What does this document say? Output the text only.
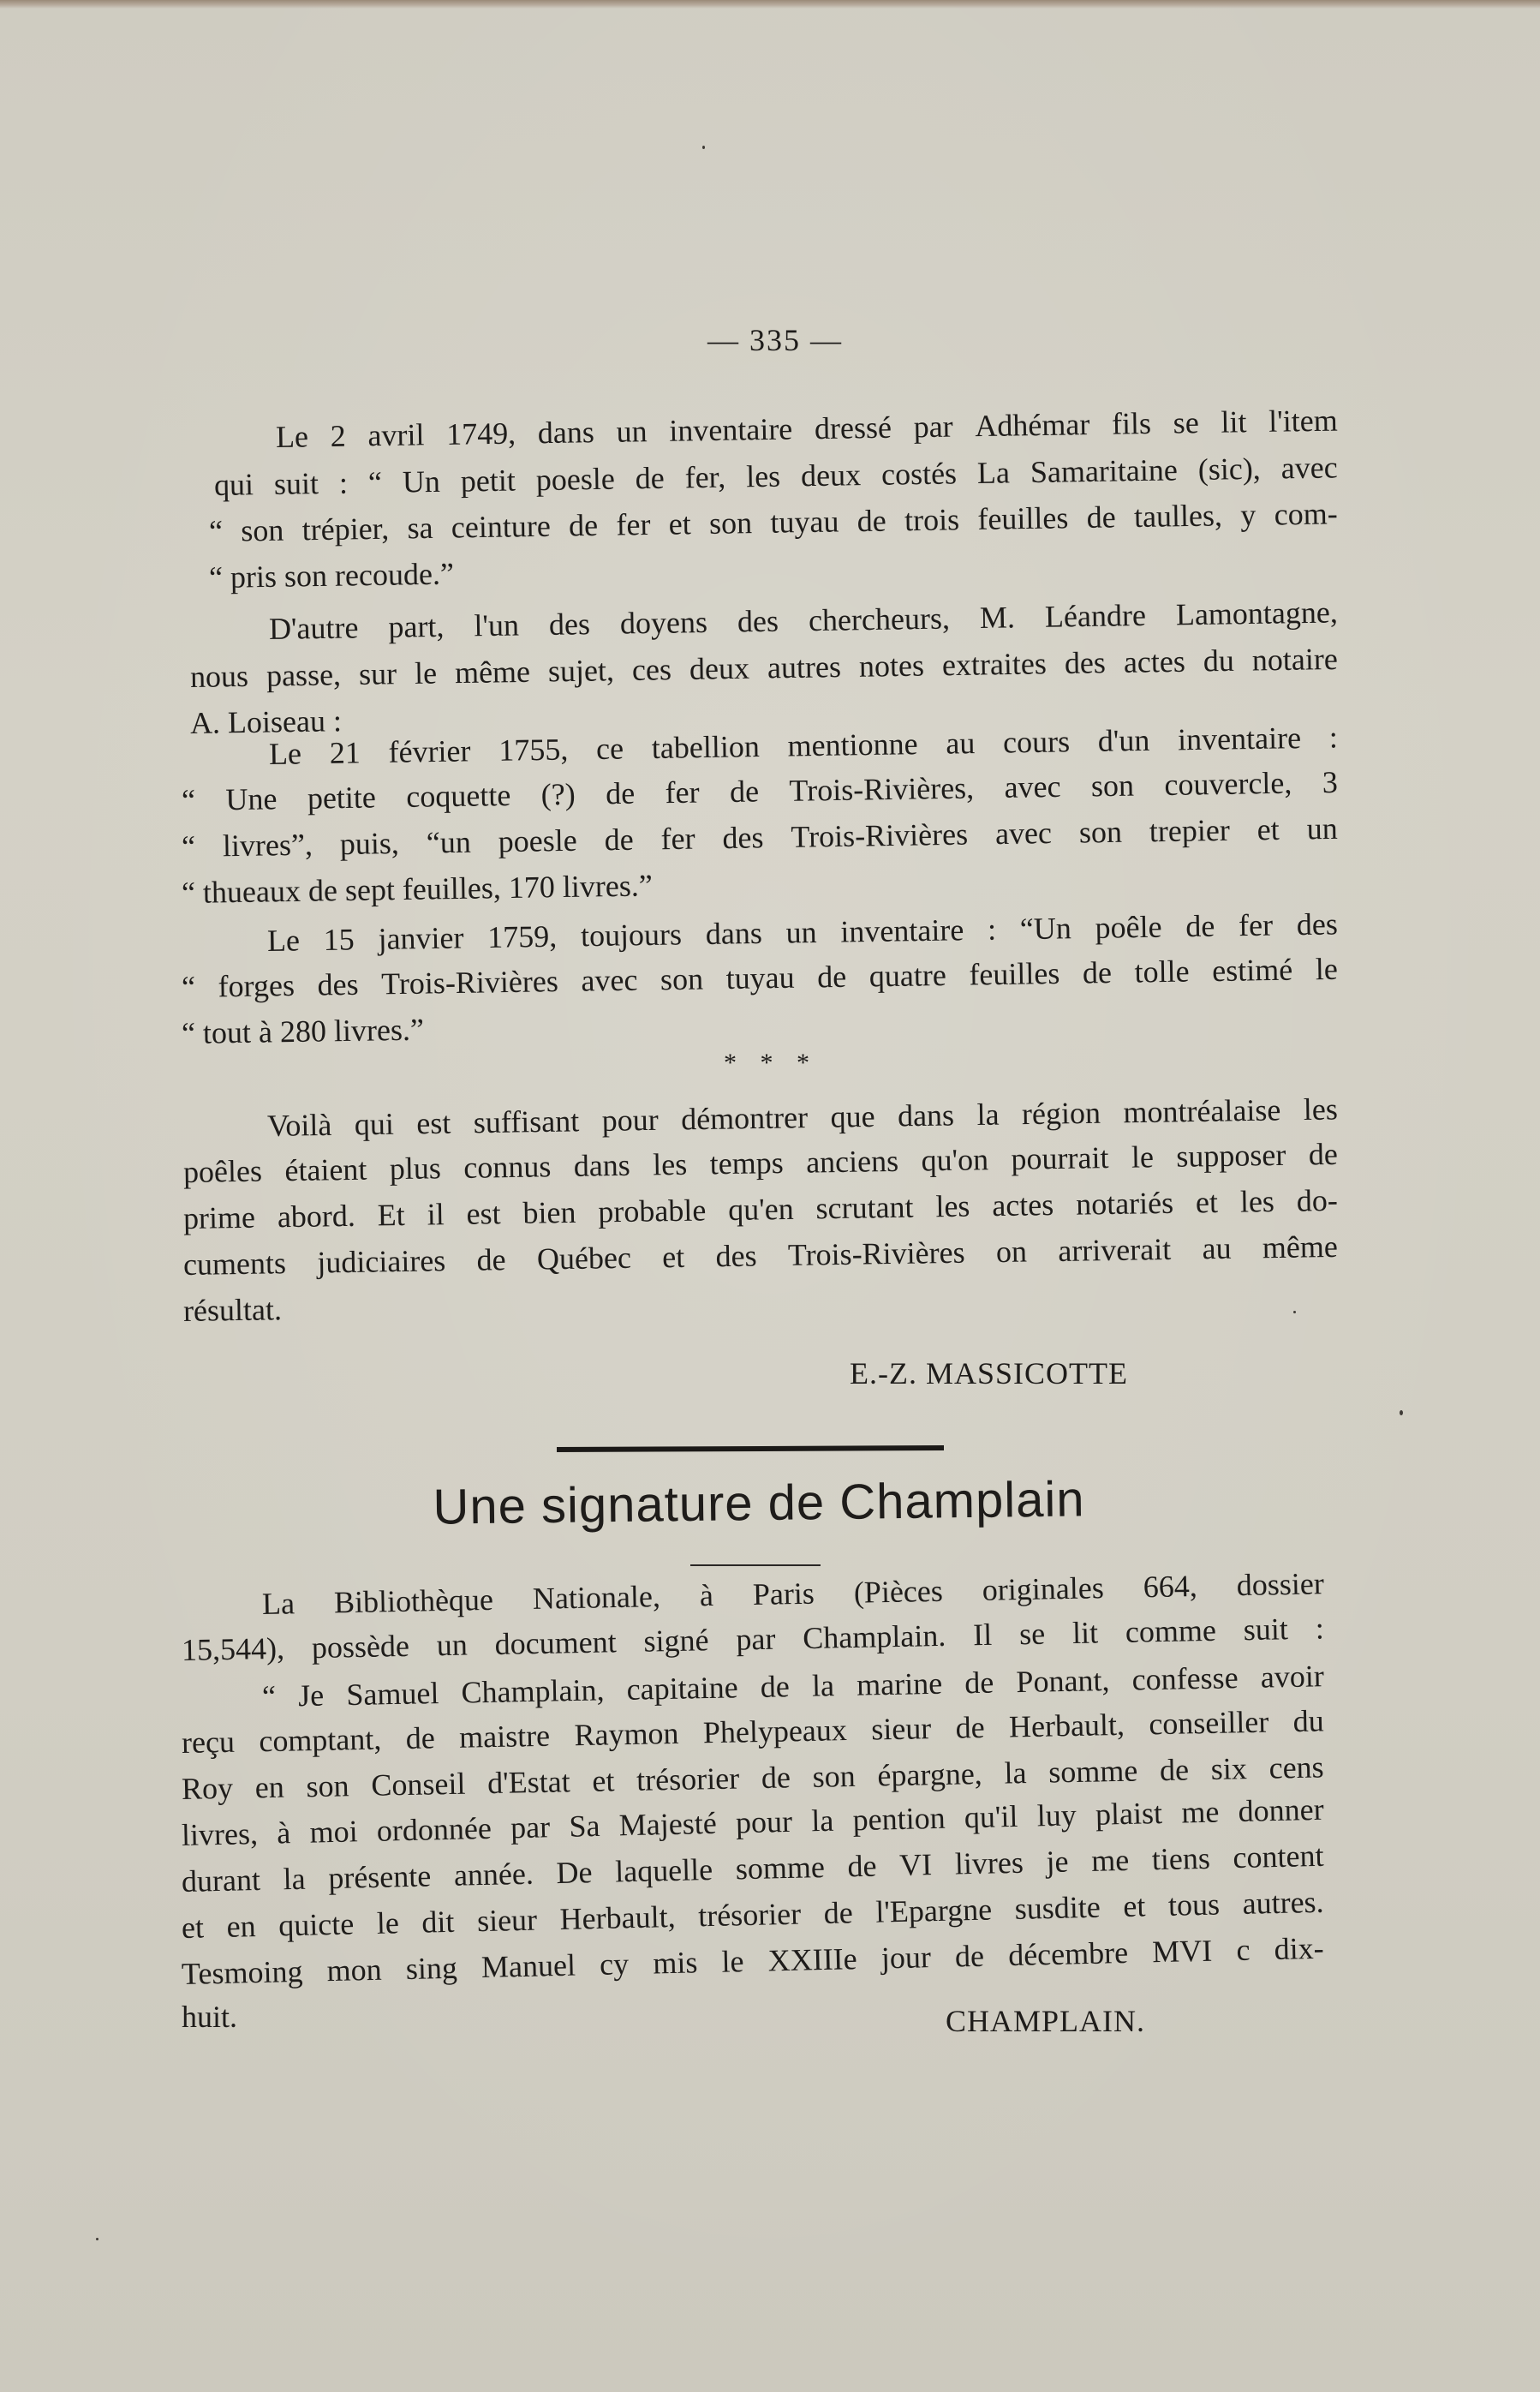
— 335 —
Le 2 avril 1749, dans un inventaire dressé par Adhémar fils se lit l'item
qui suit : “ Un petit poesle de fer, les deux costés La Samaritaine (sic), avec
“ son trépier, sa ceinture de fer et son tuyau de trois feuilles de taulles, y com-
“ pris son recoude.”
D'autre part, l'un des doyens des chercheurs, M. Léandre Lamontagne,
nous passe, sur le même sujet, ces deux autres notes extraites des actes du notaire
A. Loiseau :
Le 21 février 1755, ce tabellion mentionne au cours d'un inventaire :
“ Une petite coquette (?) de fer de Trois-Rivières, avec son couvercle, 3
“ livres”, puis, “un poesle de fer des Trois-Rivières avec son trepier et un
“ thueaux de sept feuilles, 170 livres.”
Le 15 janvier 1759, toujours dans un inventaire : “Un poêle de fer des
“ forges des Trois-Rivières avec son tuyau de quatre feuilles de tolle estimé le
“ tout à 280 livres.”
* * *
Voilà qui est suffisant pour démontrer que dans la région montréalaise les
poêles étaient plus connus dans les temps anciens qu'on pourrait le supposer de
prime abord. Et il est bien probable qu'en scrutant les actes notariés et les do-
cuments judiciaires de Québec et des Trois-Rivières on arriverait au même
résultat.
E.-Z. MASSICOTTE
Une signature de Champlain
La Bibliothèque Nationale, à Paris (Pièces originales 664, dossier
15,544), possède un document signé par Champlain. Il se lit comme suit :
“ Je Samuel Champlain, capitaine de la marine de Ponant, confesse avoir
reçu comptant, de maistre Raymon Phelypeaux sieur de Herbault, conseiller du
Roy en son Conseil d'Estat et trésorier de son épargne, la somme de six cens
livres, à moi ordonnée par Sa Majesté pour la pention qu'il luy plaist me donner
durant la présente année. De laquelle somme de VI livres je me tiens content
et en quicte le dit sieur Herbault, trésorier de l'Epargne susdite et tous autres.
Tesmoing mon sing Manuel cy mis le XXIIIe jour de décembre MVI c dix-
huit.	CHAMPLAIN.
